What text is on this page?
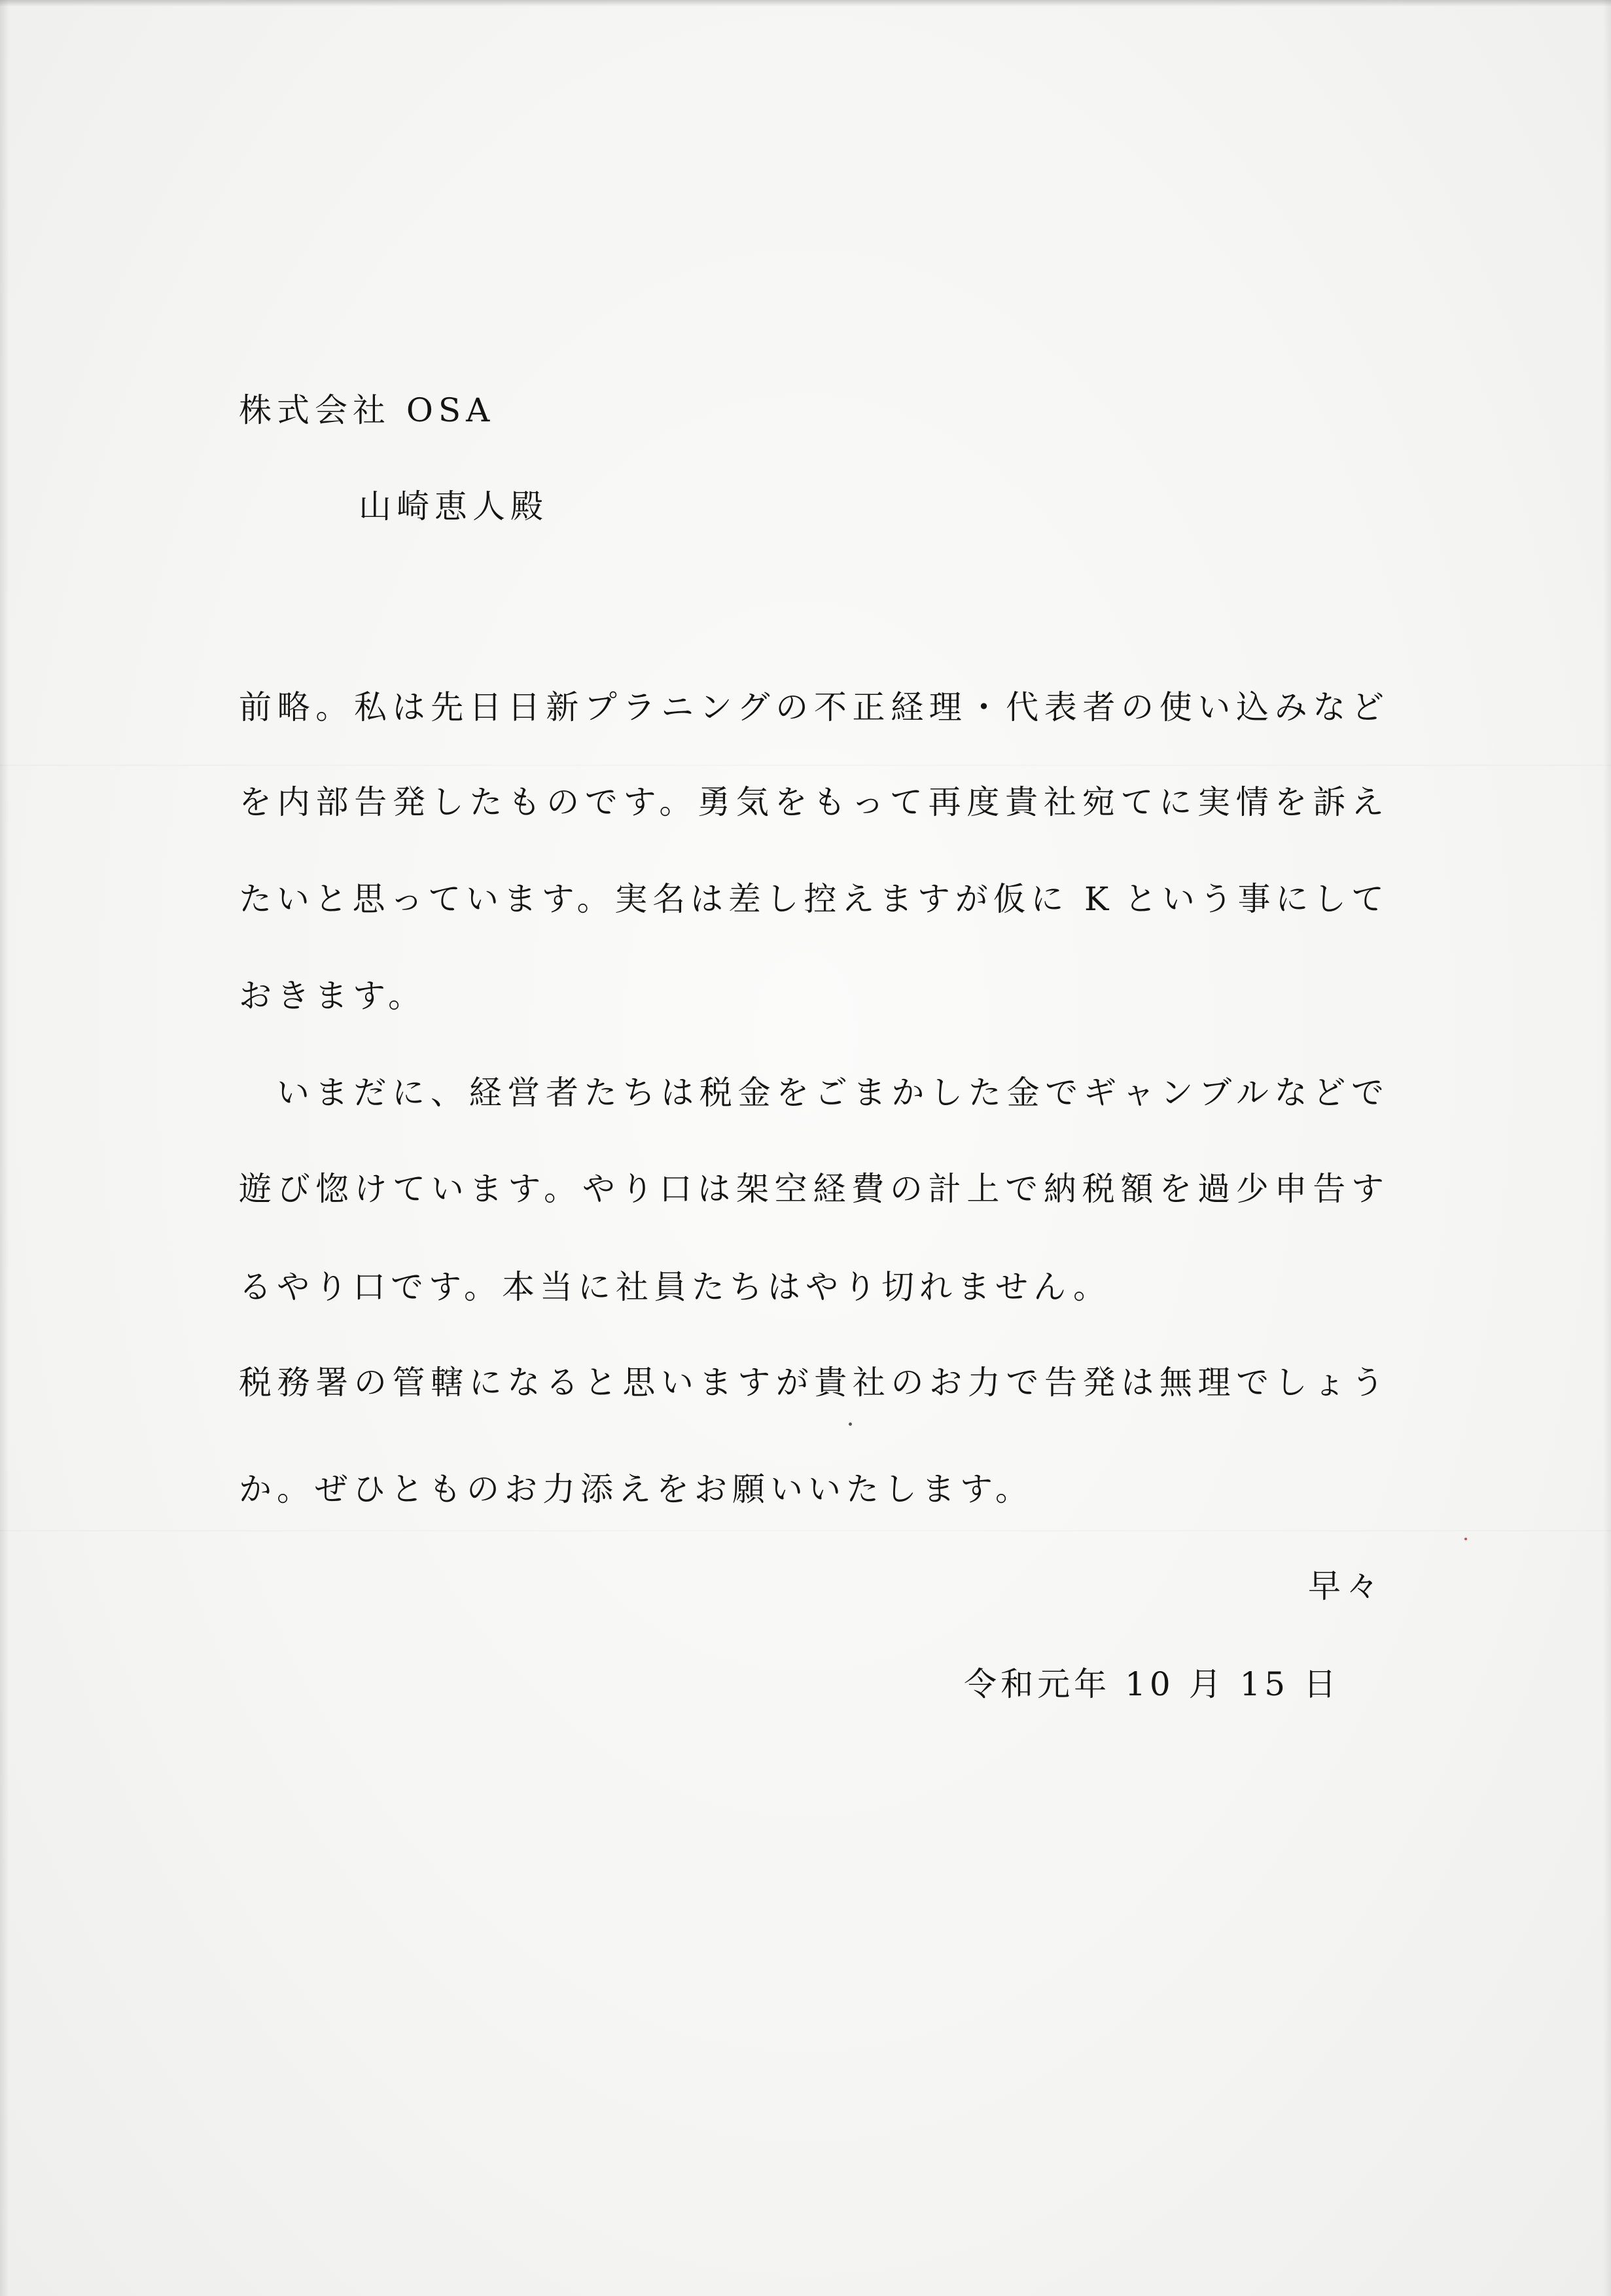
株式会社 OSA
山崎恵人殿
前略。私は先日日新プラニングの不正経理・代表者の使い込みなど
を内部告発したものです。勇気をもって再度貴社宛てに実情を訴え
たいと思っています。実名は差し控えますが仮に K という事にして
おきます。
いまだに、経営者たちは税金をごまかした金でギャンブルなどで
遊び惚けています。やり口は架空経費の計上で納税額を過少申告す
るやり口です。本当に社員たちはやり切れません。
税務署の管轄になると思いますが貴社のお力で告発は無理でしょう
か。ぜひとものお力添えをお願いいたします。
早々
令和元年 10 月 15 日
